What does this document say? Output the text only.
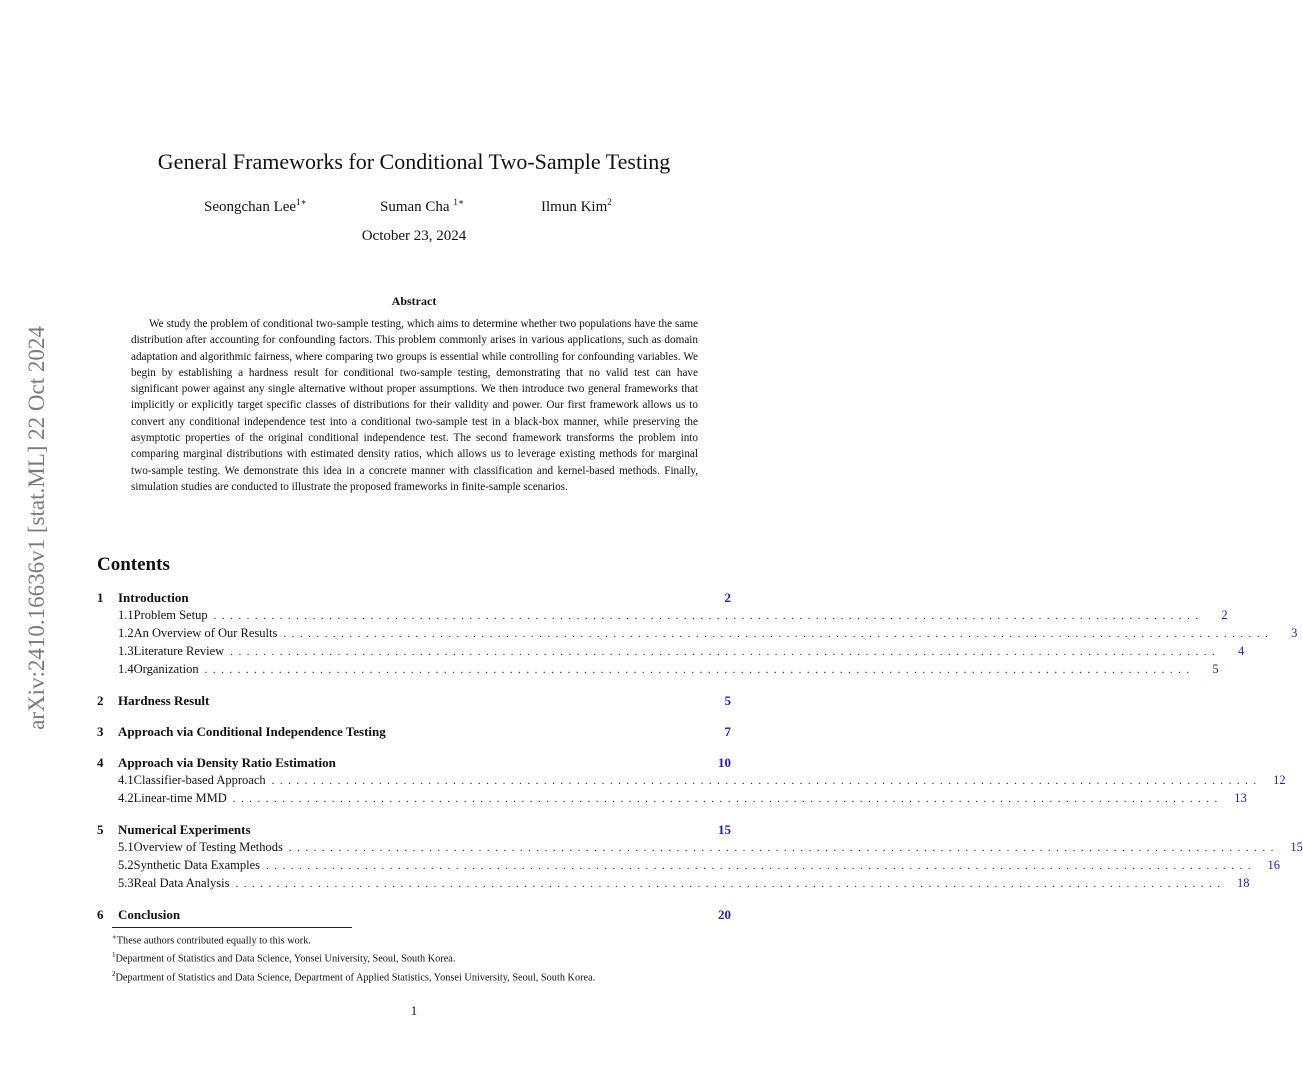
arXiv:2410.16636v1 [stat.ML] 22 Oct 2024
General Frameworks for Conditional Two-Sample Testing
Seongchan Lee$^{1∗}$	Suman Cha $^{1∗}$	Ilmun Kim$^2$
October 23, 2024
Abstract
We study the problem of conditional two-sample testing, which aims to determine whether two populations have the same distribution after accounting for confounding factors. This problem commonly arises in various applications, such as domain adaptation and algorithmic fairness, where comparing two groups is essential while controlling for confounding variables. We begin by establishing a hardness result for conditional two-sample testing, demonstrating that no valid test can have significant power against any single alternative without proper assumptions. We then introduce two general frameworks that implicitly or explicitly target specific classes of distributions for their validity and power. Our first framework allows us to convert any conditional independence test into a conditional two-sample test in a black-box manner, while preserving the asymptotic properties of the original conditional independence test. The second framework transforms the problem into comparing marginal distributions with estimated density ratios, which allows us to leverage existing methods for marginal two-sample testing. We demonstrate this idea in a concrete manner with classification and kernel-based methods. Finally, simulation studies are conducted to illustrate the proposed frameworks in finite-sample scenarios.
Contents
1	Introduction	2
1.1 Problem Setup ........................................................................................................................	2
1.2 An Overview of Our Results ........................................................................................................................	3
1.3 Literature Review ........................................................................................................................	4
1.4 Organization ........................................................................................................................	5
2	Hardness Result	5
3	Approach via Conditional Independence Testing	7
4	Approach via Density Ratio Estimation	10
4.1 Classifier-based Approach ........................................................................................................................ 12
4.2 Linear-time MMD ........................................................................................................................ 13
5	Numerical Experiments	15
5.1 Overview of Testing Methods ........................................................................................................................ 15
5.2 Synthetic Data Examples ........................................................................................................................ 16
5.3 Real Data Analysis ........................................................................................................................ 18
6	Conclusion	20
∗These authors contributed equally to this work.
$^1$Department of Statistics and Data Science, Yonsei University, Seoul, South Korea.
$^2$Department of Statistics and Data Science, Department of Applied Statistics, Yonsei University, Seoul, South Korea.
1
